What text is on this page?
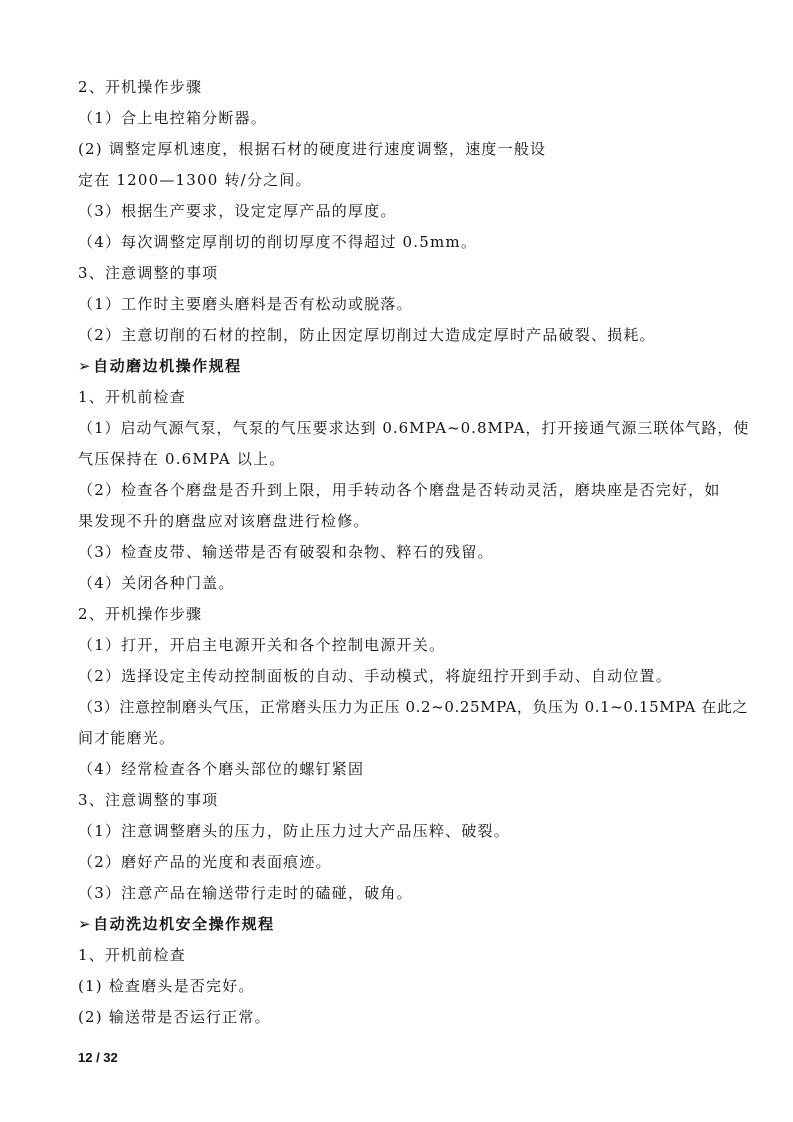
2、开机操作步骤
（1）合上电控箱分断器。
(2) 调整定厚机速度，根据石材的硬度进行速度调整，速度一般设
定在 1200—1300 转/分之间。
（3）根据生产要求，设定定厚产品的厚度。
（4）每次调整定厚削切的削切厚度不得超过 0.5mm。
3、注意调整的事项
（1）工作时主要磨头磨料是否有松动或脱落。
（2）主意切削的石材的控制，防止因定厚切削过大造成定厚时产品破裂、损耗。
➢自动磨边机操作规程
1、开机前检查
（1）启动气源气泵，气泵的气压要求达到 0.6MPA~0.8MPA，打开接通气源三联体气路，使
气压保持在 0.6MPA 以上。
（2）检查各个磨盘是否升到上限，用手转动各个磨盘是否转动灵活，磨块座是否完好，如
果发现不升的磨盘应对该磨盘进行检修。
（3）检查皮带、输送带是否有破裂和杂物、粹石的残留。
（4）关闭各种门盖。
2、开机操作步骤
（1）打开，开启主电源开关和各个控制电源开关。
（2）选择设定主传动控制面板的自动、手动模式，将旋纽拧开到手动、自动位置。
（3）注意控制磨头气压，正常磨头压力为正压 0.2~0.25MPA，负压为 0.1~0.15MPA 在此之
间才能磨光。
（4）经常检查各个磨头部位的螺钉紧固
3、注意调整的事项
（1）注意调整磨头的压力，防止压力过大产品压粹、破裂。
（2）磨好产品的光度和表面痕迹。
（3）注意产品在输送带行走时的磕碰，破角。
➢自动洗边机安全操作规程
1、开机前检查
(1) 检查磨头是否完好。
(2) 输送带是否运行正常。
12 / 32
